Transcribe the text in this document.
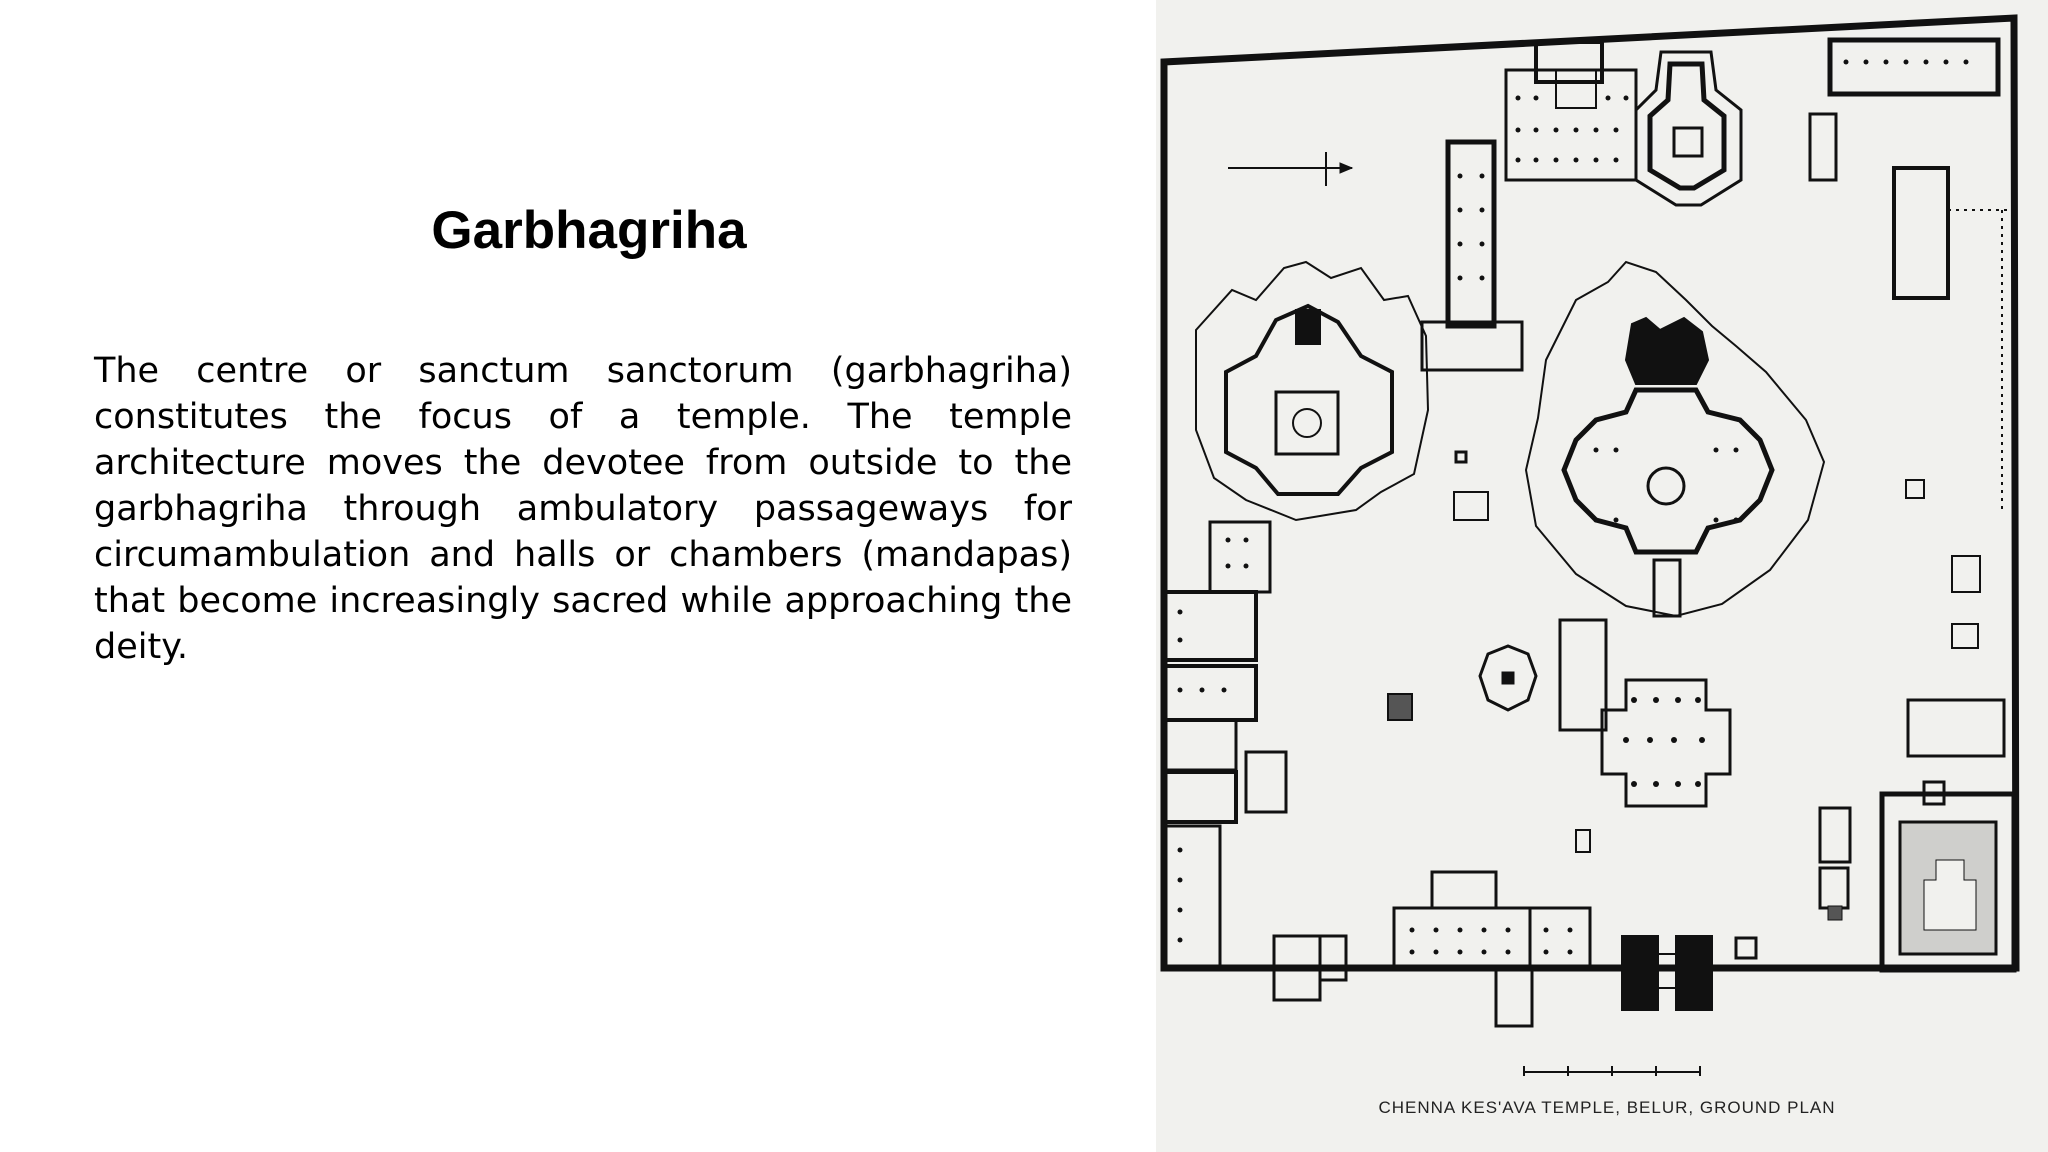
Garbhagriha

The centre or sanctum sanctorum (garbhagriha) constitutes the focus of a temple. The temple architecture moves the devotee from outside to the garbhagriha through ambulatory passageways for circumambulation and halls or chambers (mandapas) that become increasingly sacred while approaching the deity.

CHENNA KES'AVA TEMPLE, BELUR, GROUND PLAN
